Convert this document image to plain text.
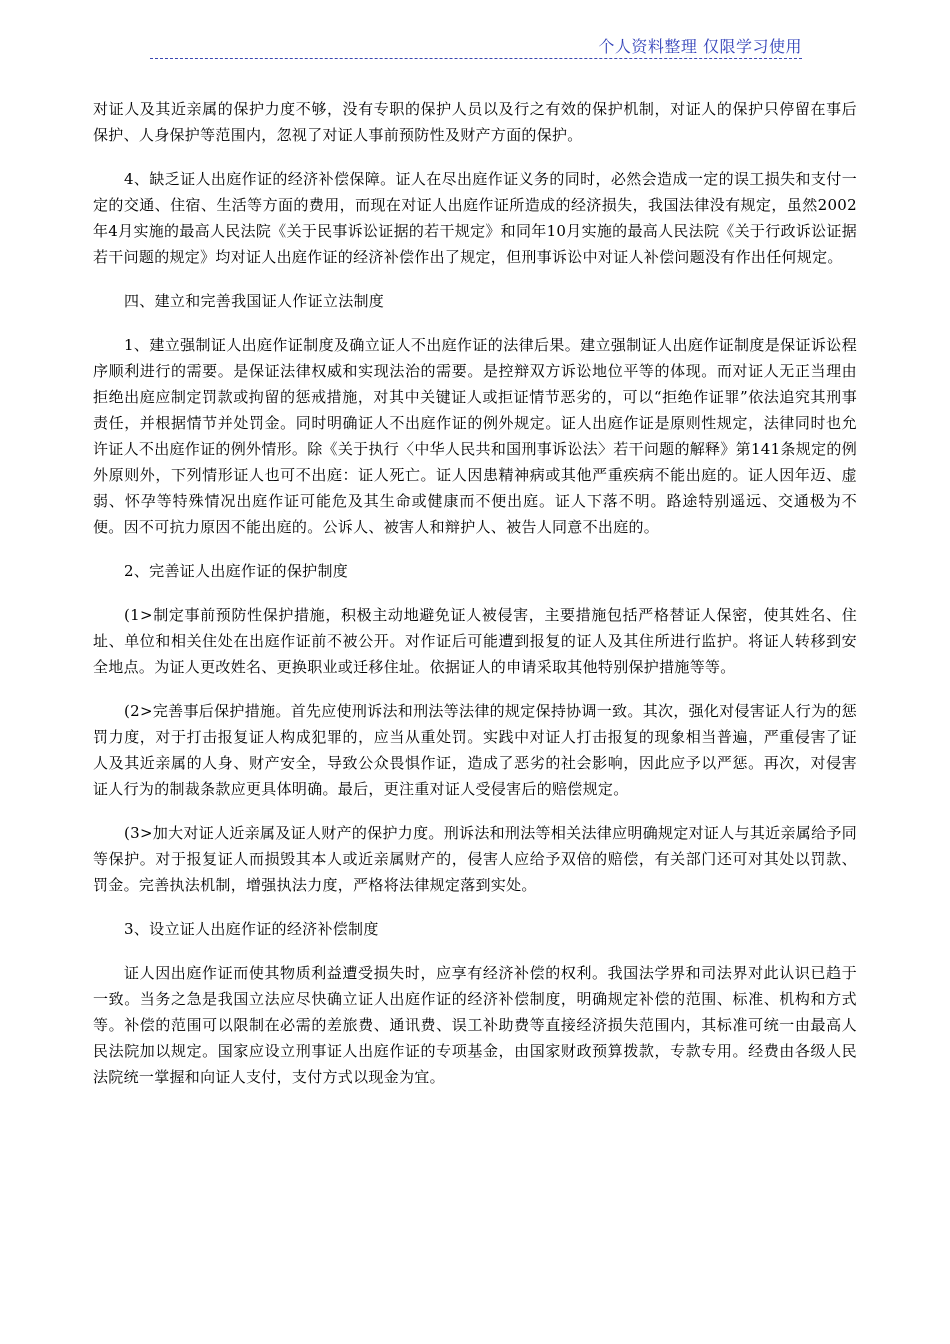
个人资料整理 仅限学习使用

对证人及其近亲属的保护力度不够，没有专职的保护人员以及行之有效的保护机制，对证人的保护只停留在事后保护、人身保护等范围内，忽视了对证人事前预防性及财产方面的保护。

4、缺乏证人出庭作证的经济补偿保障。证人在尽出庭作证义务的同时，必然会造成一定的误工损失和支付一定的交通、住宿、生活等方面的费用，而现在对证人出庭作证所造成的经济损失，我国法律没有规定，虽然2002年4月实施的最高人民法院《关于民事诉讼证据的若干规定》和同年10月实施的最高人民法院《关于行政诉讼证据若干问题的规定》均对证人出庭作证的经济补偿作出了规定，但刑事诉讼中对证人补偿问题没有作出任何规定。

四、建立和完善我国证人作证立法制度

1、建立强制证人出庭作证制度及确立证人不出庭作证的法律后果。建立强制证人出庭作证制度是保证诉讼程序顺利进行的需要。是保证法律权威和实现法治的需要。是控辩双方诉讼地位平等的体现。而对证人无正当理由拒绝出庭应制定罚款或拘留的惩戒措施，对其中关键证人或拒证情节恶劣的，可以“拒绝作证罪”依法追究其刑事责任，并根据情节并处罚金。同时明确证人不出庭作证的例外规定。证人出庭作证是原则性规定，法律同时也允许证人不出庭作证的例外情形。除《关于执行〈中华人民共和国刑事诉讼法〉若干问题的解释》第141条规定的例外原则外，下列情形证人也可不出庭：证人死亡。证人因患精神病或其他严重疾病不能出庭的。证人因年迈、虚弱、怀孕等特殊情况出庭作证可能危及其生命或健康而不便出庭。证人下落不明。路途特别遥远、交通极为不便。因不可抗力原因不能出庭的。公诉人、被害人和辩护人、被告人同意不出庭的。

2、完善证人出庭作证的保护制度

(1>制定事前预防性保护措施，积极主动地避免证人被侵害，主要措施包括严格替证人保密，使其姓名、住址、单位和相关住处在出庭作证前不被公开。对作证后可能遭到报复的证人及其住所进行监护。将证人转移到安全地点。为证人更改姓名、更换职业或迁移住址。依据证人的申请采取其他特别保护措施等等。

(2>完善事后保护措施。首先应使刑诉法和刑法等法律的规定保持协调一致。其次，强化对侵害证人行为的惩罚力度，对于打击报复证人构成犯罪的，应当从重处罚。实践中对证人打击报复的现象相当普遍，严重侵害了证人及其近亲属的人身、财产安全，导致公众畏惧作证，造成了恶劣的社会影响，因此应予以严惩。再次，对侵害证人行为的制裁条款应更具体明确。最后，更注重对证人受侵害后的赔偿规定。

(3>加大对证人近亲属及证人财产的保护力度。刑诉法和刑法等相关法律应明确规定对证人与其近亲属给予同等保护。对于报复证人而损毁其本人或近亲属财产的，侵害人应给予双倍的赔偿，有关部门还可对其处以罚款、罚金。完善执法机制，增强执法力度，严格将法律规定落到实处。

3、设立证人出庭作证的经济补偿制度

证人因出庭作证而使其物质利益遭受损失时，应享有经济补偿的权利。我国法学界和司法界对此认识已趋于一致。当务之急是我国立法应尽快确立证人出庭作证的经济补偿制度，明确规定补偿的范围、标准、机构和方式等。补偿的范围可以限制在必需的差旅费、通讯费、误工补助费等直接经济损失范围内，其标准可统一由最高人民法院加以规定。国家应设立刑事证人出庭作证的专项基金，由国家财政预算拨款，专款专用。经费由各级人民法院统一掌握和向证人支付，支付方式以现金为宜。
